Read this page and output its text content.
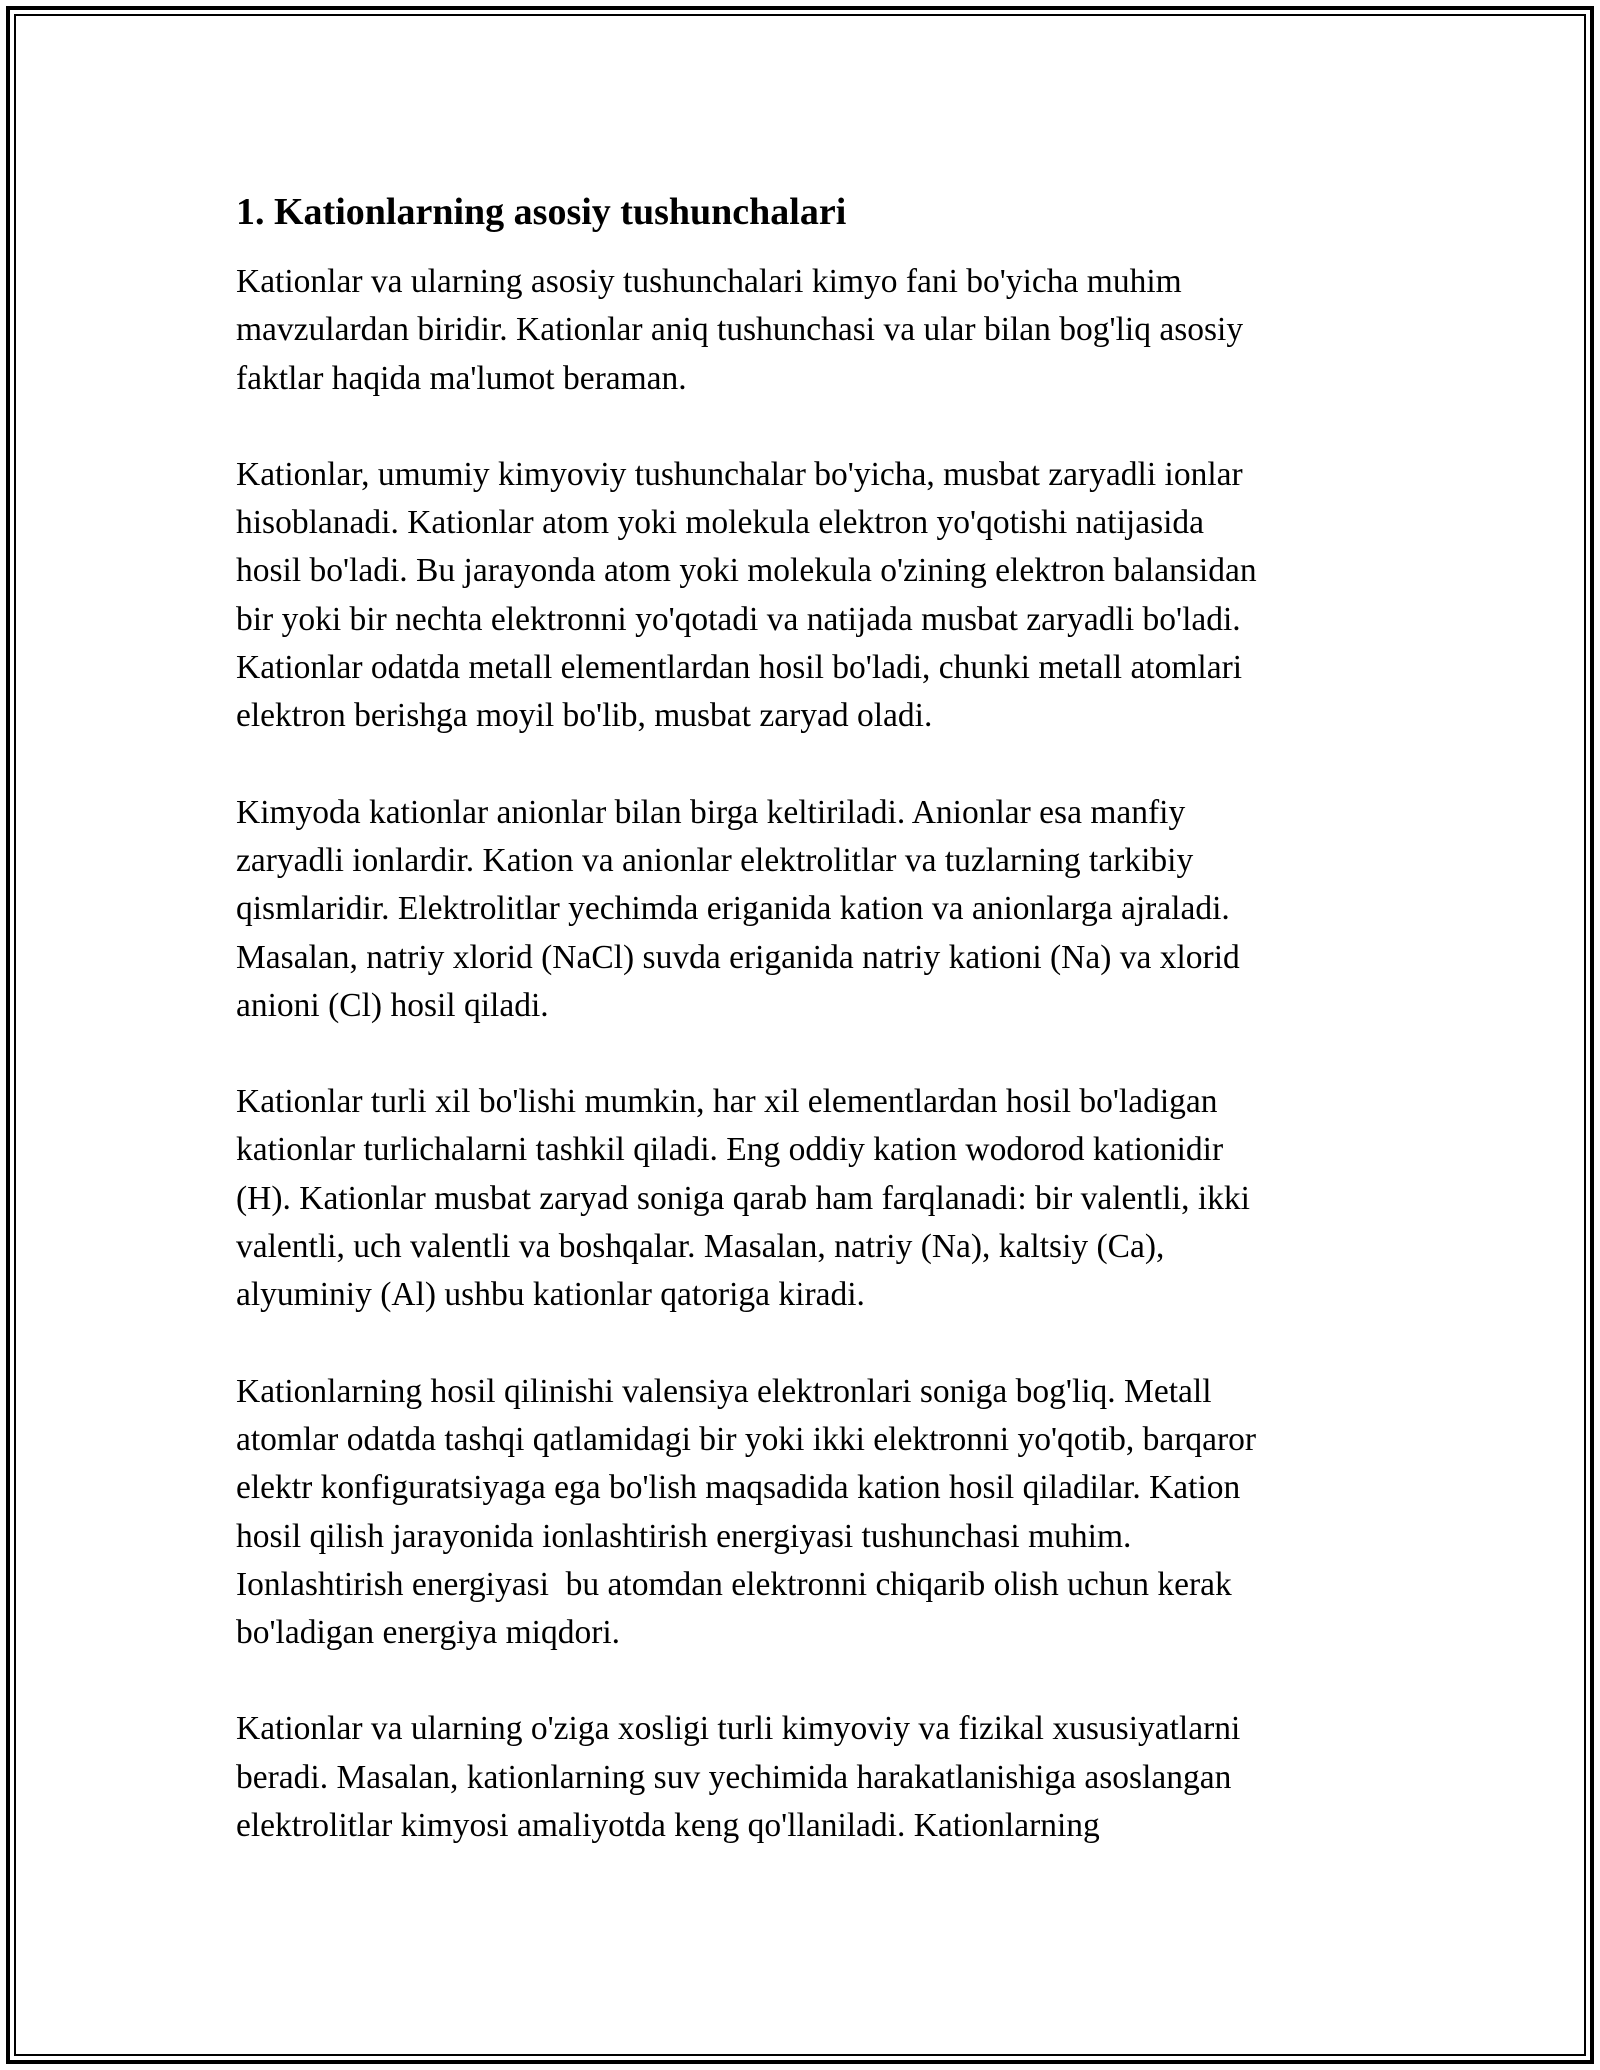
1. Kationlarning asosiy tushunchalari
Kationlar va ularning asosiy tushunchalari kimyo fani bo'yicha muhim
mavzulardan biridir. Kationlar aniq tushunchasi va ular bilan bog'liq asosiy
faktlar haqida ma'lumot beraman.
Kationlar, umumiy kimyoviy tushunchalar bo'yicha, musbat zaryadli ionlar
hisoblanadi. Kationlar atom yoki molekula elektron yo'qotishi natijasida
hosil bo'ladi. Bu jarayonda atom yoki molekula o'zining elektron balansidan
bir yoki bir nechta elektronni yo'qotadi va natijada musbat zaryadli bo'ladi.
Kationlar odatda metall elementlardan hosil bo'ladi, chunki metall atomlari
elektron berishga moyil bo'lib, musbat zaryad oladi.
Kimyoda kationlar anionlar bilan birga keltiriladi. Anionlar esa manfiy
zaryadli ionlardir. Kation va anionlar elektrolitlar va tuzlarning tarkibiy
qismlaridir. Elektrolitlar yechimda eriganida kation va anionlarga ajraladi.
Masalan, natriy xlorid (NaCl) suvda eriganida natriy kationi (Na) va xlorid
anioni (Cl) hosil qiladi.
Kationlar turli xil bo'lishi mumkin, har xil elementlardan hosil bo'ladigan
kationlar turlichalarni tashkil qiladi. Eng oddiy kation wodorod kationidir
(H). Kationlar musbat zaryad soniga qarab ham farqlanadi: bir valentli, ikki
valentli, uch valentli va boshqalar. Masalan, natriy (Na), kaltsiy (Ca),
alyuminiy (Al) ushbu kationlar qatoriga kiradi.
Kationlarning hosil qilinishi valensiya elektronlari soniga bog'liq. Metall
atomlar odatda tashqi qatlamidagi bir yoki ikki elektronni yo'qotib, barqaror
elektr konfiguratsiyaga ega bo'lish maqsadida kation hosil qiladilar. Kation
hosil qilish jarayonida ionlashtirish energiyasi tushunchasi muhim.
Ionlashtirish energiyasi  bu atomdan elektronni chiqarib olish uchun kerak
bo'ladigan energiya miqdori.
Kationlar va ularning o'ziga xosligi turli kimyoviy va fizikal xususiyatlarni
beradi. Masalan, kationlarning suv yechimida harakatlanishiga asoslangan
elektrolitlar kimyosi amaliyotda keng qo'llaniladi. Kationlarning
